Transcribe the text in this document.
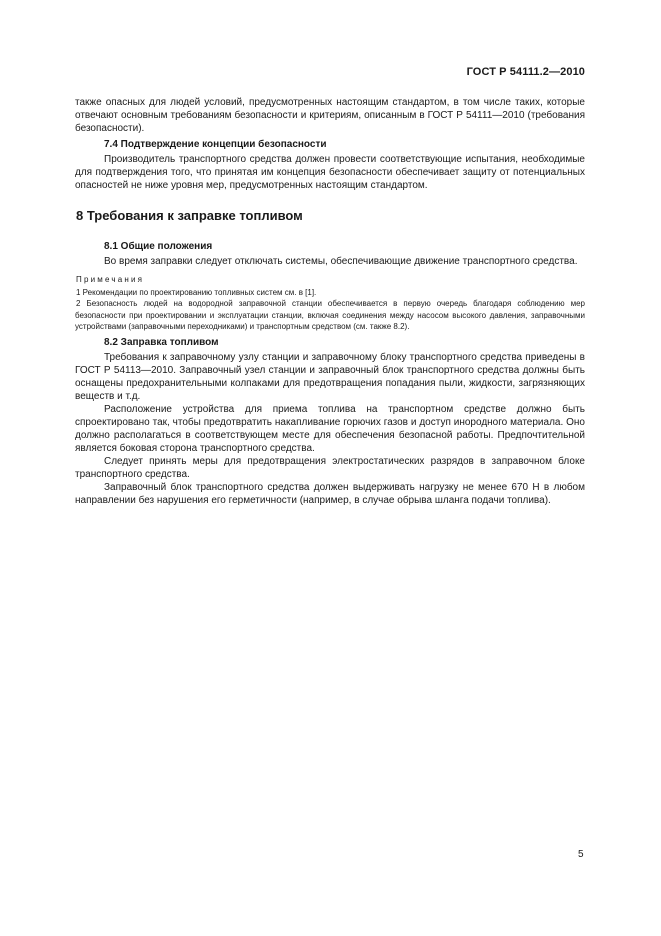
ГОСТ Р 54111.2—2010

также опасных для людей условий, предусмотренных настоящим стандартом, в том числе таких, которые отвечают основным требованиям безопасности и критериям, описанным в ГОСТ Р 54111—2010 (требования безопасности).

7.4 Подтверждение концепции безопасности

Производитель транспортного средства должен провести соответствующие испытания, необходимые для подтверждения того, что принятая им концепция безопасности обеспечивает защиту от потенциальных опасностей не ниже уровня мер, предусмотренных настоящим стандартом.

8 Требования к заправке топливом
8.1 Общие положения

Во время заправки следует отключать системы, обеспечивающие движение транспортного средства.

Примечания
1 Рекомендации по проектированию топливных систем см. в [1].
2 Безопасность людей на водородной заправочной станции обеспечивается в первую очередь благодаря соблюдению мер безопасности при проектировании и эксплуатации станции, включая соединения между насосом высокого давления, заправочными устройствами (заправочными переходниками) и транспортным средством (см. также 8.2).
8.2 Заправка топливом

Требования к заправочному узлу станции и заправочному блоку транспортного средства приведены в ГОСТ Р 54113—2010. Заправочный узел станции и заправочный блок транспортного средства должны быть оснащены предохранительными колпаками для предотвращения попадания пыли, жидкости, загрязняющих веществ и т.д.

Расположение устройства для приема топлива на транспортном средстве должно быть спроектировано так, чтобы предотвратить накапливание горючих газов и доступ инородного материала. Оно должно располагаться в соответствующем месте для обеспечения безопасной работы. Предпочтительной является боковая сторона транспортного средства.

Следует принять меры для предотвращения электростатических разрядов в заправочном блоке транспортного средства.

Заправочный блок транспортного средства должен выдерживать нагрузку не менее 670 Н в любом направлении без нарушения его герметичности (например, в случае обрыва шланга подачи топлива).

5
